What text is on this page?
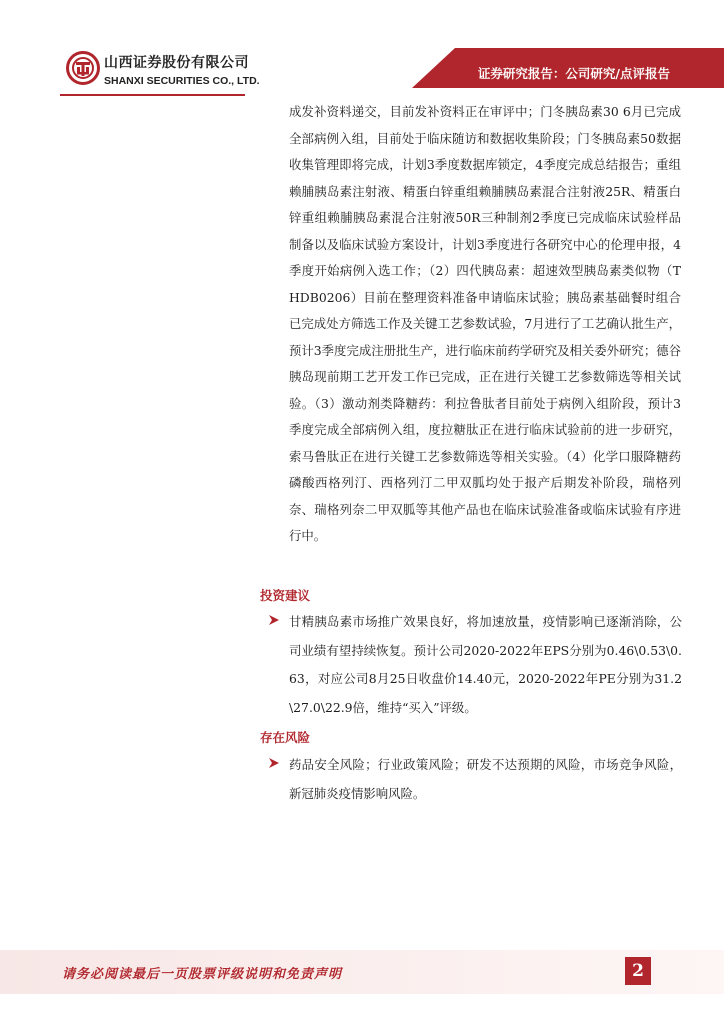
山西证券股份有限公司
SHANXI SECURITIES CO., LTD.	证券研究报告：公司研究/点评报告
成发补资料递交，目前发补资料正在审评中；门冬胰岛素30 6月已完成全部病例入组，目前处于临床随访和数据收集阶段；门冬胰岛素50数据收集管理即将完成，计划3季度数据库锁定，4季度完成总结报告；重组赖脯胰岛素注射液、精蛋白锌重组赖脯胰岛素混合注射液25R、精蛋白锌重组赖脯胰岛素混合注射液50R三种制剂2季度已完成临床试验样品制备以及临床试验方案设计，计划3季度进行各研究中心的伦理申报，4季度开始病例入选工作；（2）四代胰岛素：超速效型胰岛素类似物（THDB0206）目前在整理资料准备申请临床试验；胰岛素基础餐时组合已完成处方筛选工作及关键工艺参数试验，7月进行了工艺确认批生产，预计3季度完成注册批生产，进行临床前药学研究及相关委外研究；德谷胰岛现前期工艺开发工作已完成，正在进行关键工艺参数筛选等相关试验。（3）激动剂类降糖药：利拉鲁肽者目前处于病例入组阶段，预计3季度完成全部病例入组，度拉糖肽正在进行临床试验前的进一步研究，索马鲁肽正在进行关键工艺参数筛选等相关实验。（4）化学口服降糖药磷酸西格列汀、西格列汀二甲双胍均处于报产后期发补阶段，瑞格列奈、瑞格列奈二甲双胍等其他产品也在临床试验准备或临床试验有序进行中。
投资建议
甘精胰岛素市场推广效果良好，将加速放量，疫情影响已逐渐消除，公司业绩有望持续恢复。预计公司2020-2022年EPS分别为0.46\0.53\0.63，对应公司8月25日收盘价14.40元，2020-2022年PE分别为31.2\27.0\22.9倍，维持“买入”评级。
存在风险
药品安全风险；行业政策风险；研发不达预期的风险，市场竞争风险，新冠肺炎疫情影响风险。
请务必阅读最后一页股票评级说明和免责声明	2
